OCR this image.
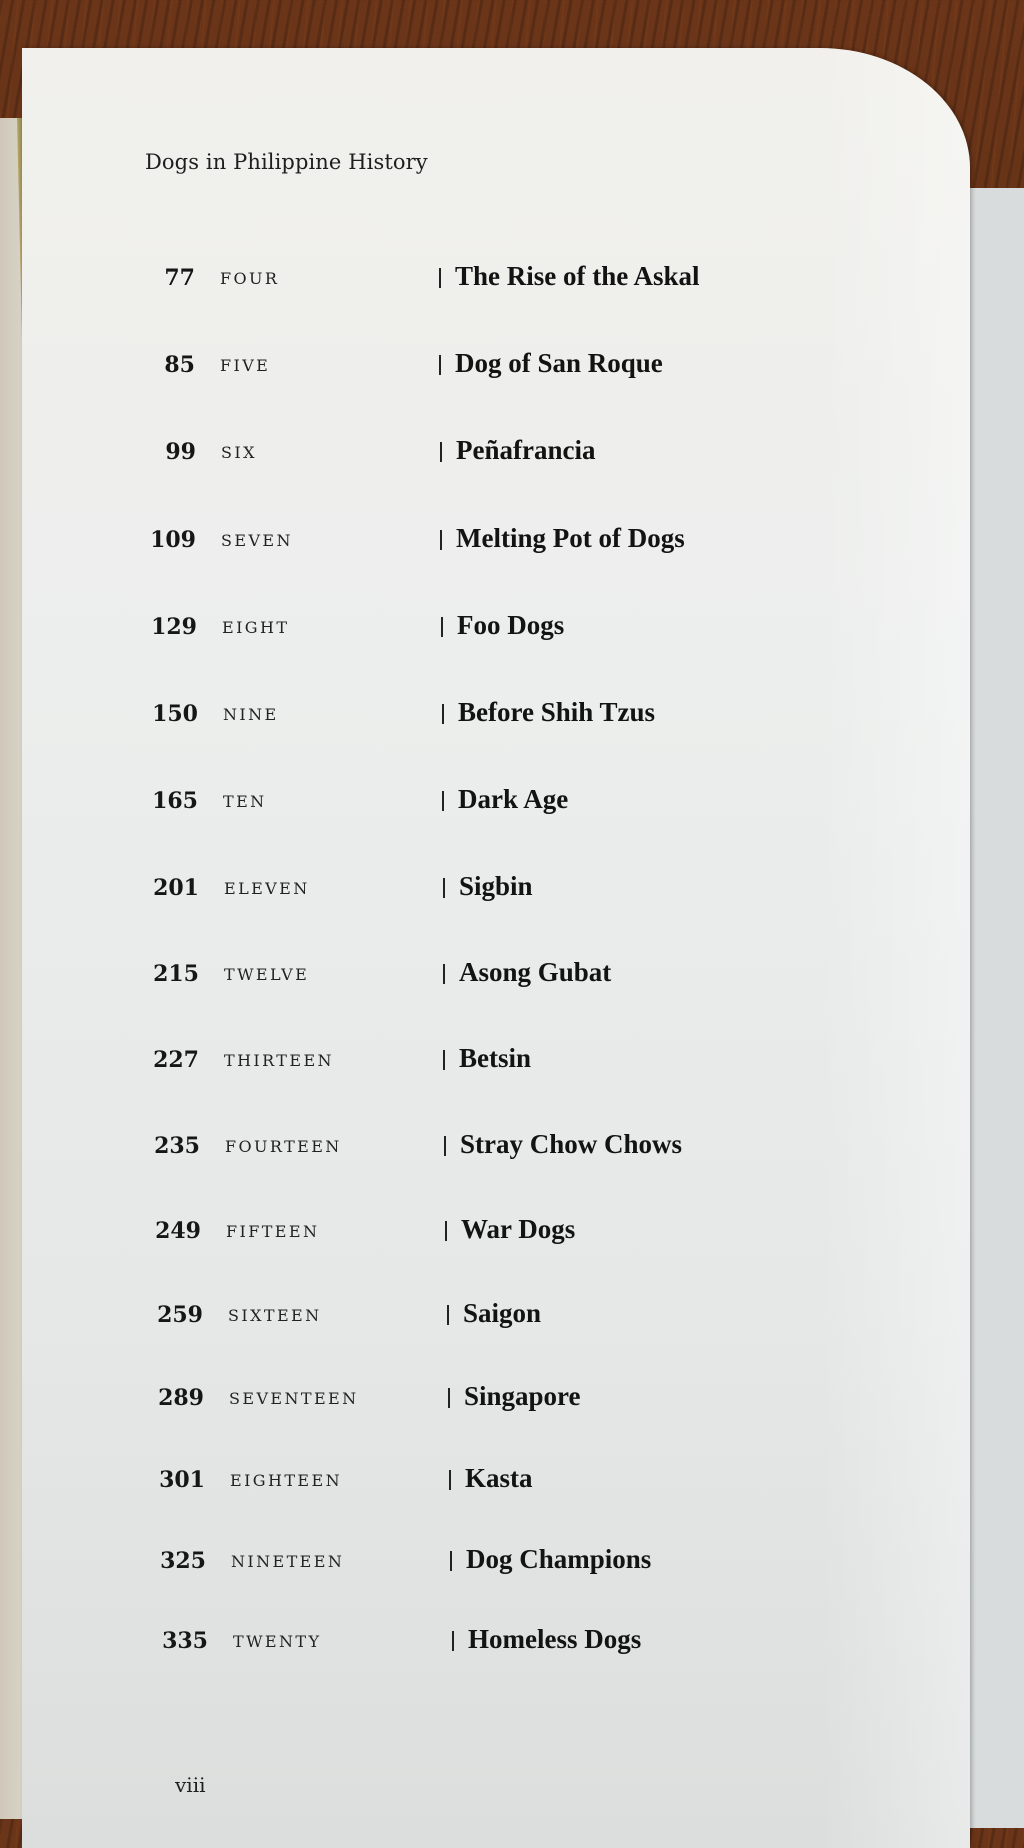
Dogs in Philippine History
77 FOUR	The Rise of the Askal
85 FIVE	Dog of San Roque
99 SIX	Peñafrancia
109 SEVEN	Melting Pot of Dogs
129 EIGHT	Foo Dogs
150 NINE	Before Shih Tzus
165 TEN	Dark Age
201 ELEVEN	Sigbin
215 TWELVE	Asong Gubat
227 THIRTEEN	Betsin
235 FOURTEEN	Stray Chow Chows
249 FIFTEEN	War Dogs
259 SIXTEEN	Saigon
289 SEVENTEEN	Singapore
301 EIGHTEEN	Kasta
325 NINETEEN	Dog Champions
335 TWENTY	Homeless Dogs
viii
